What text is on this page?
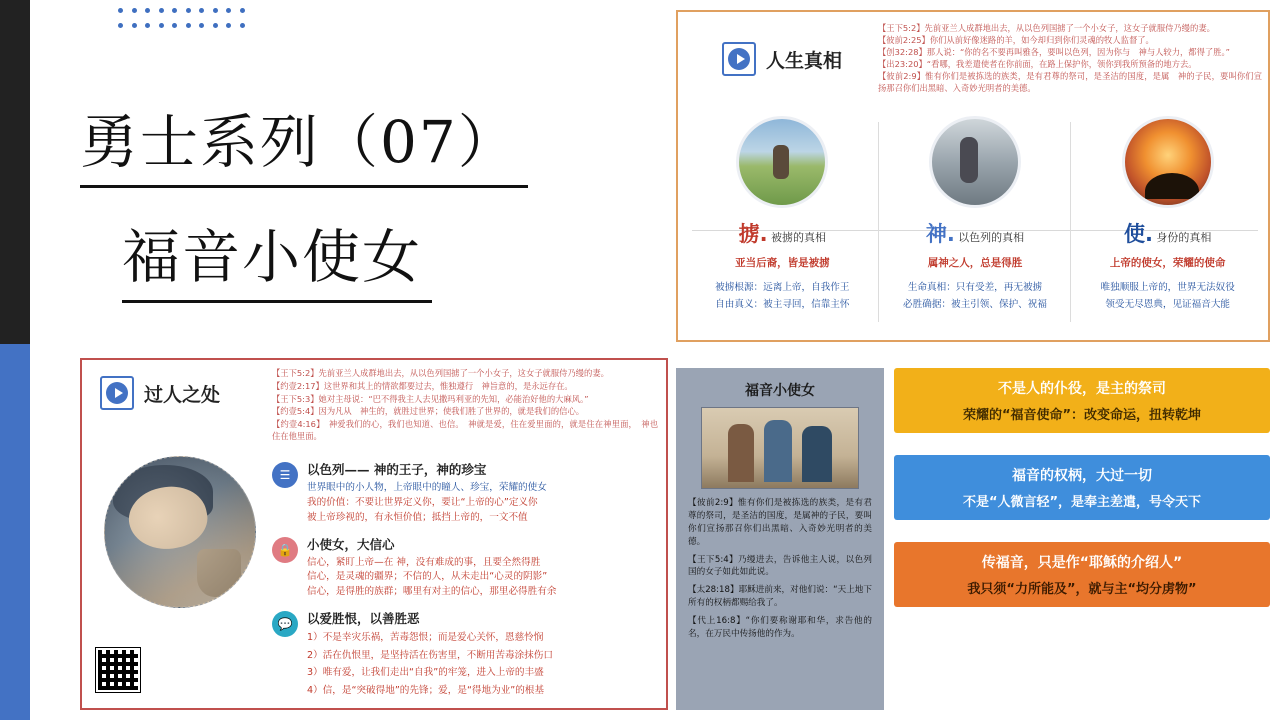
勇士系列（07） 福音小使女
过人之处
【王下5:2】先前亚兰人成群地出去，从以色列国掳了一个小女子，这女子就服侍乃缦的妻。
【约壹2:17】这世界和其上的情欲都要过去，惟独遵行　神旨意的，是永远存在。
【王下5:3】她对主母说：“巴不得我主人去见撒玛利亚的先知，必能治好他的大麻风。”
【约壹5:4】因为凡从　神生的，就胜过世界；使我们胜了世界的，就是我们的信心。
【约壹4:16】　神爱我们的心，我们也知道、也信。　神就是爱，住在爱里面的，就是住在神里面，　神也住在他里面。
☰	以色列—— 神的王子，神的珍宝
世界眼中的小人物，上帝眼中的瞳人、珍宝，荣耀的使女
我的价值：不要让世界定义你，要让“上帝的心”定义你
被上帝珍视的，有永恒价值；抵挡上帝的，一文不值
🔒	小使女，大信心
信心，紧盯上帝—在 神，没有难成的事，且要全然得胜
信心，是灵魂的疆界；不信的人，从未走出“心灵的阴影”
信心，是得胜的族群；哪里有对主的信心，那里必得胜有余
💬	以爱胜恨，以善胜恶
1）不是幸灾乐祸，苦毒怨恨；而是爱心关怀，恩慈怜悯
2）活在仇恨里，是坚持活在伤害里，不断用苦毒涂抹伤口
3）唯有爱，让我们走出“自我”的牢笼，进入上帝的丰盛
4）信，是“突破得地”的先锋；爱，是“得地为业”的根基
人生真相
【王下5:2】先前亚兰人成群地出去，从以色列国掳了一个小女子，这女子就服侍乃缦的妻。
【彼前2:25】你们从前好像迷路的羊，如今却归到你们灵魂的牧人监督了。
【创32:28】那人说：“你的名不要再叫雅各，要叫以色列，因为你与　神与人较力，都得了胜。”
【出23:20】“看哪，我差遣使者在你前面，在路上保护你，领你到我所预备的地方去。
【彼前2:9】惟有你们是被拣选的族类，是有君尊的祭司，是圣洁的国度，是属　神的子民，要叫你们宣扬那召你们出黑暗、入奇妙光明者的美德。
掳. 被掳的真相
亚当后裔，皆是被掳
被掳根源：远离上帝，自我作王
自由真义：被主寻回，信靠主怀
神. 以色列的真相
属神之人，总是得胜
生命真相：只有受差，再无被掳
必胜确据：被主引领、保护、祝福
使. 身份的真相
上帝的使女，荣耀的使命
唯独顺服上帝的，世界无法奴役
领受无尽恩典，见证福音大能
福音小使女

【彼前2:9】惟有你们是被拣选的族类，是有君尊的祭司，是圣洁的国度，是属神的子民，要叫你们宣扬那召你们出黑暗、入奇妙光明者的美德。

【王下5:4】乃缦进去，告诉他主人说，以色列国的女子如此如此说。

【太28:18】耶稣进前来，对他们说：“天上地下所有的权柄都赐给我了。

【代上16:8】“你们要称谢耶和华，求告他的名，在万民中传扬他的作为。

不是人的仆役，是主的祭司
荣耀的“福音使命”：改变命运，扭转乾坤
福音的权柄，大过一切
不是“人微言轻”，是奉主差遣，号令天下
传福音，只是作“耶稣的介绍人”
我只须“力所能及”，就与主“均分虏物”
